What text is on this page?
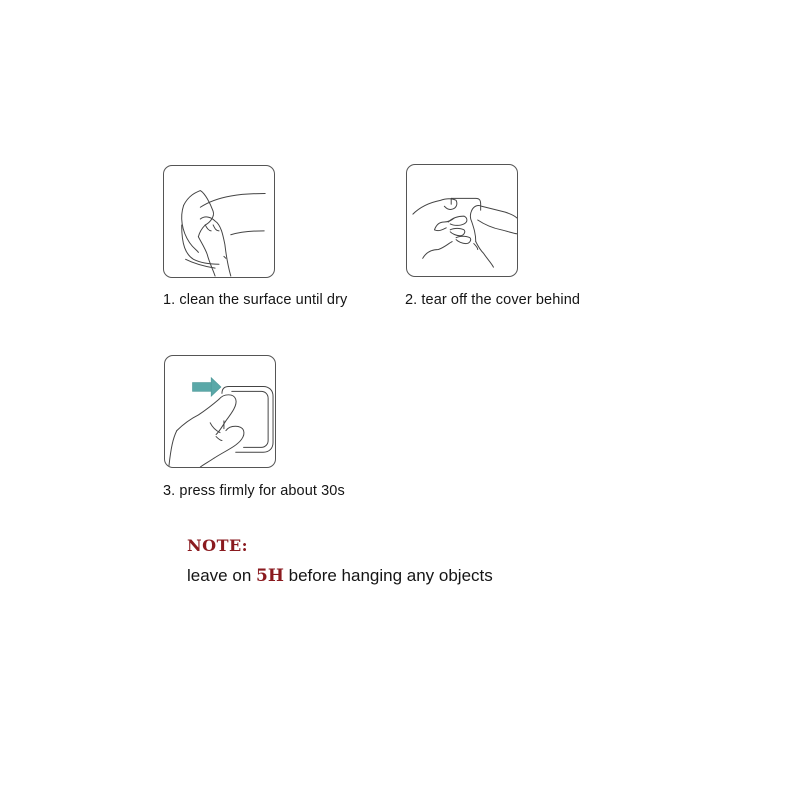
1. clean the surface until dry	2. tear off the cover behind
3. press firmly for about 30s
NOTE:
leave on 5H before hanging any objects
